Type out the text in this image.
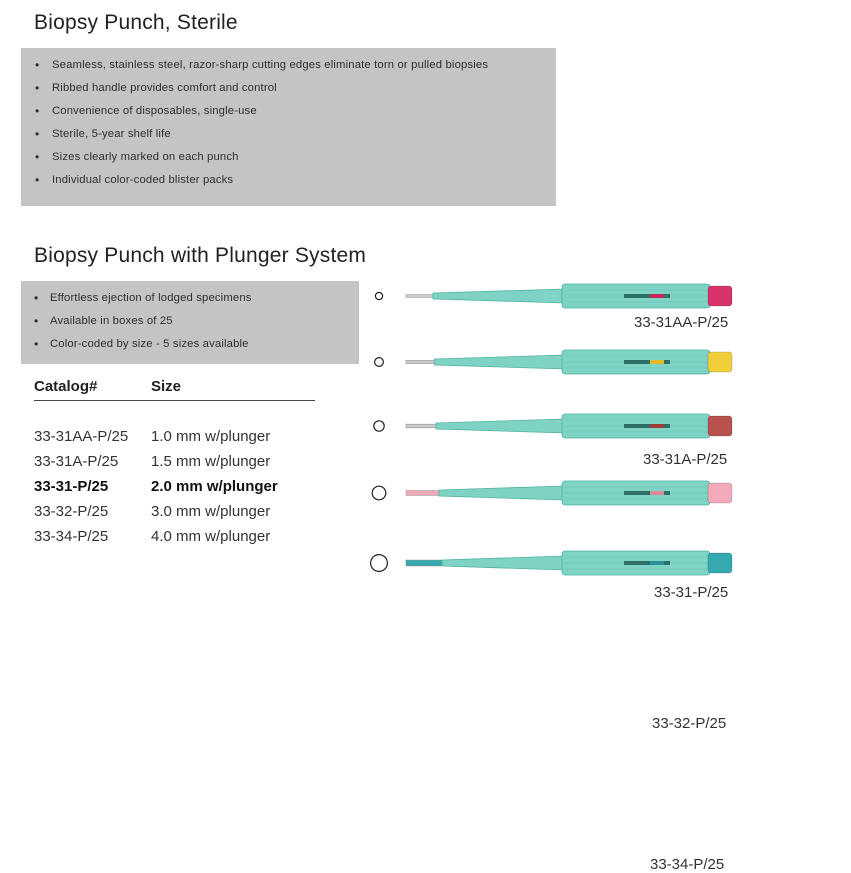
Biopsy Punch, Sterile
• Seamless, stainless steel, razor-sharp cutting edges eliminate torn or pulled biopsies
• Ribbed handle provides comfort and control
• Convenience of disposables, single-use
• Sterile, 5-year shelf life
• Sizes clearly marked on each punch
• Individual color-coded blister packs
Biopsy Punch with Plunger System
• Effortless ejection of lodged specimens
• Available in boxes of 25
• Color-coded by size - 5 sizes available
Catalog#	Size
33-31AA-P/25 1.0 mm w/plunger
33-31A-P/25 1.5 mm w/plunger
33-31-P/25	2.0 mm w/plunger
33-32-P/25	3.0 mm w/plunger
33-34-P/25	4.0 mm w/plunger
33-31AA-P/25
33-31A-P/25
33-31-P/25
33-32-P/25
33-34-P/25
